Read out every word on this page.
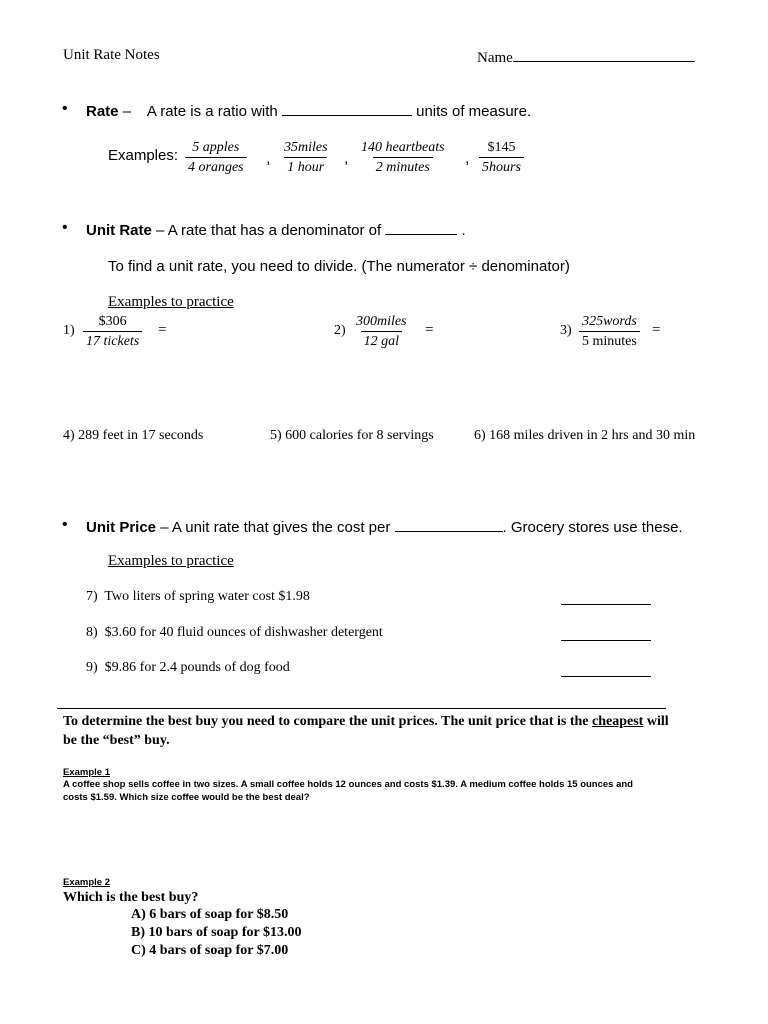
Unit Rate Notes	Name
• Rate – A rate is a ratio with	units of measure.
Examples: 5 apples
4 oranges
,
35miles
1 hour
,
140 heartbeats
2 minutes
,
$145
5hours
• Unit Rate – A rate that has a denominator of	.
To find a unit rate, you need to divide. (The numerator ÷ denominator)
Examples to practice
1)
$306
17 tickets
=	2)
300miles
12 gal
=	3)
325words
5 minutes
=
4) 289 feet in 17 seconds	5) 600 calories for 8 servings	6) 168 miles driven in 2 hrs and 30 min
• Unit Price – A unit rate that gives the cost per	. Grocery stores use these.
Examples to practice
7) Two liters of spring water cost $1.98
8) $3.60 for 40 fluid ounces of dishwasher detergent
9) $9.86 for 2.4 pounds of dog food
To determine the best buy you need to compare the unit prices. The unit price that is the cheapest will
be the “best” buy.
Example 1
A coffee shop sells coffee in two sizes. A small coffee holds 12 ounces and costs $1.39. A medium coffee holds 15 ounces and
costs $1.59. Which size coffee would be the best deal?
Example 2
Which is the best buy?
A) 6 bars of soap for $8.50
B) 10 bars of soap for $13.00
C) 4 bars of soap for $7.00
